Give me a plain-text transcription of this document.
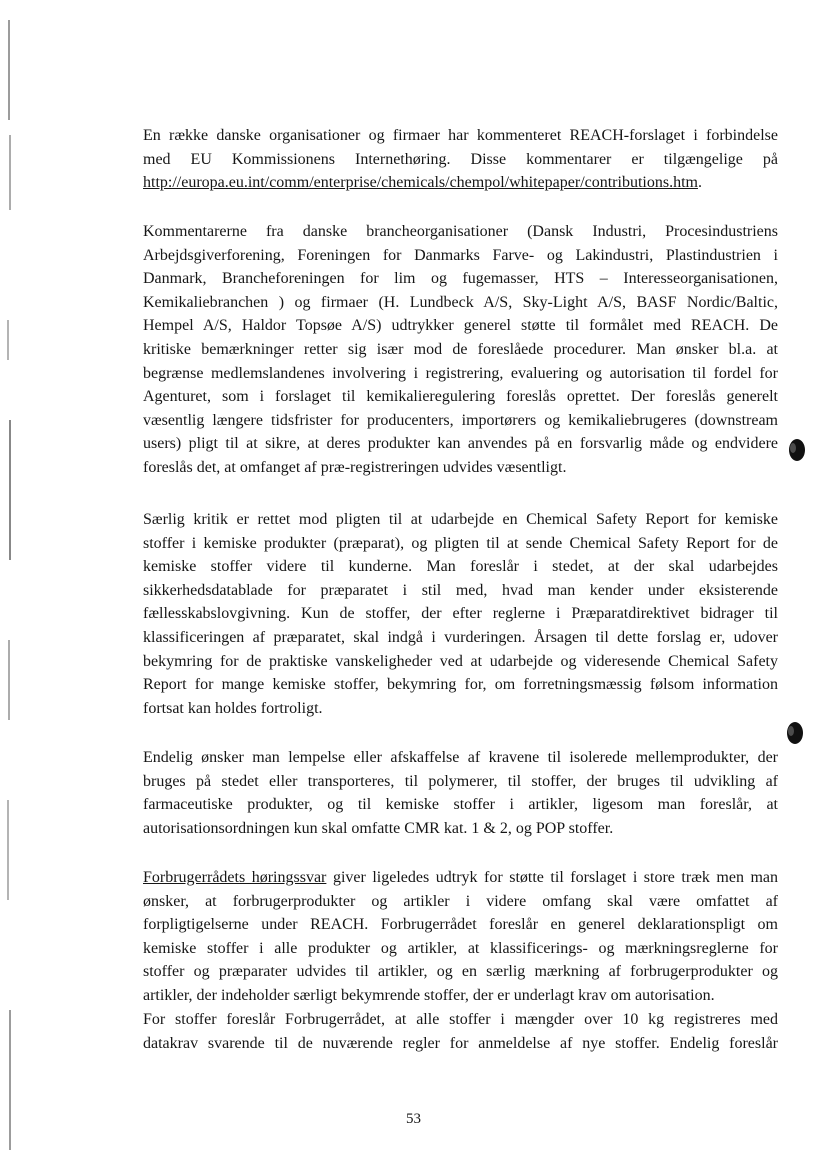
En række danske organisationer og firmaer har kommenteret REACH-forslaget i forbindelse
med EU Kommissionens Internethøring. Disse kommentarer er tilgængelige på
http://europa.eu.int/comm/enterprise/chemicals/chempol/whitepaper/contributions.htm.
Kommentarerne fra danske brancheorganisationer (Dansk Industri, Procesindustriens
Arbejdsgiverforening, Foreningen for Danmarks Farve- og Lakindustri, Plastindustrien i
Danmark, Brancheforeningen for lim og fugemasser, HTS – Interesseorganisationen,
Kemikaliebranchen ) og firmaer (H. Lundbeck A/S, Sky-Light A/S, BASF Nordic/Baltic,
Hempel A/S, Haldor Topsøe A/S) udtrykker generel støtte til formålet med REACH. De
kritiske bemærkninger retter sig især mod de foreslåede procedurer. Man ønsker bl.a. at
begrænse medlemslandenes involvering i registrering, evaluering og autorisation til fordel for
Agenturet, som i forslaget til kemikalieregulering foreslås oprettet. Der foreslås generelt
væsentlig længere tidsfrister for producenters, importørers og kemikaliebrugeres (downstream
users) pligt til at sikre, at deres produkter kan anvendes på en forsvarlig måde og endvidere
foreslås det, at omfanget af præ-registreringen udvides væsentligt.
Særlig kritik er rettet mod pligten til at udarbejde en Chemical Safety Report for kemiske
stoffer i kemiske produkter (præparat), og pligten til at sende Chemical Safety Report for de
kemiske stoffer videre til kunderne. Man foreslår i stedet, at der skal udarbejdes
sikkerhedsdatablade for præparatet i stil med, hvad man kender under eksisterende
fællesskabslovgivning. Kun de stoffer, der efter reglerne i Præparatdirektivet bidrager til
klassificeringen af præparatet, skal indgå i vurderingen. Årsagen til dette forslag er, udover
bekymring for de praktiske vanskeligheder ved at udarbejde og videresende Chemical Safety
Report for mange kemiske stoffer, bekymring for, om forretningsmæssig følsom information
fortsat kan holdes fortroligt.
Endelig ønsker man lempelse eller afskaffelse af kravene til isolerede mellemprodukter, der
bruges på stedet eller transporteres, til polymerer, til stoffer, der bruges til udvikling af
farmaceutiske produkter, og til kemiske stoffer i artikler, ligesom man foreslår, at
autorisationsordningen kun skal omfatte CMR kat. 1 & 2, og POP stoffer.
Forbrugerrådets høringssvar giver ligeledes udtryk for støtte til forslaget i store træk men man
ønsker, at forbrugerprodukter og artikler i videre omfang skal være omfattet af
forpligtigelserne under REACH. Forbrugerrådet foreslår en generel deklarationspligt om
kemiske stoffer i alle produkter og artikler, at klassificerings- og mærkningsreglerne for
stoffer og præparater udvides til artikler, og en særlig mærkning af forbrugerprodukter og
artikler, der indeholder særligt bekymrende stoffer, der er underlagt krav om autorisation.
For stoffer foreslår Forbrugerrådet, at alle stoffer i mængder over 10 kg registreres med
datakrav svarende til de nuværende regler for anmeldelse af nye stoffer. Endelig foreslår
53
